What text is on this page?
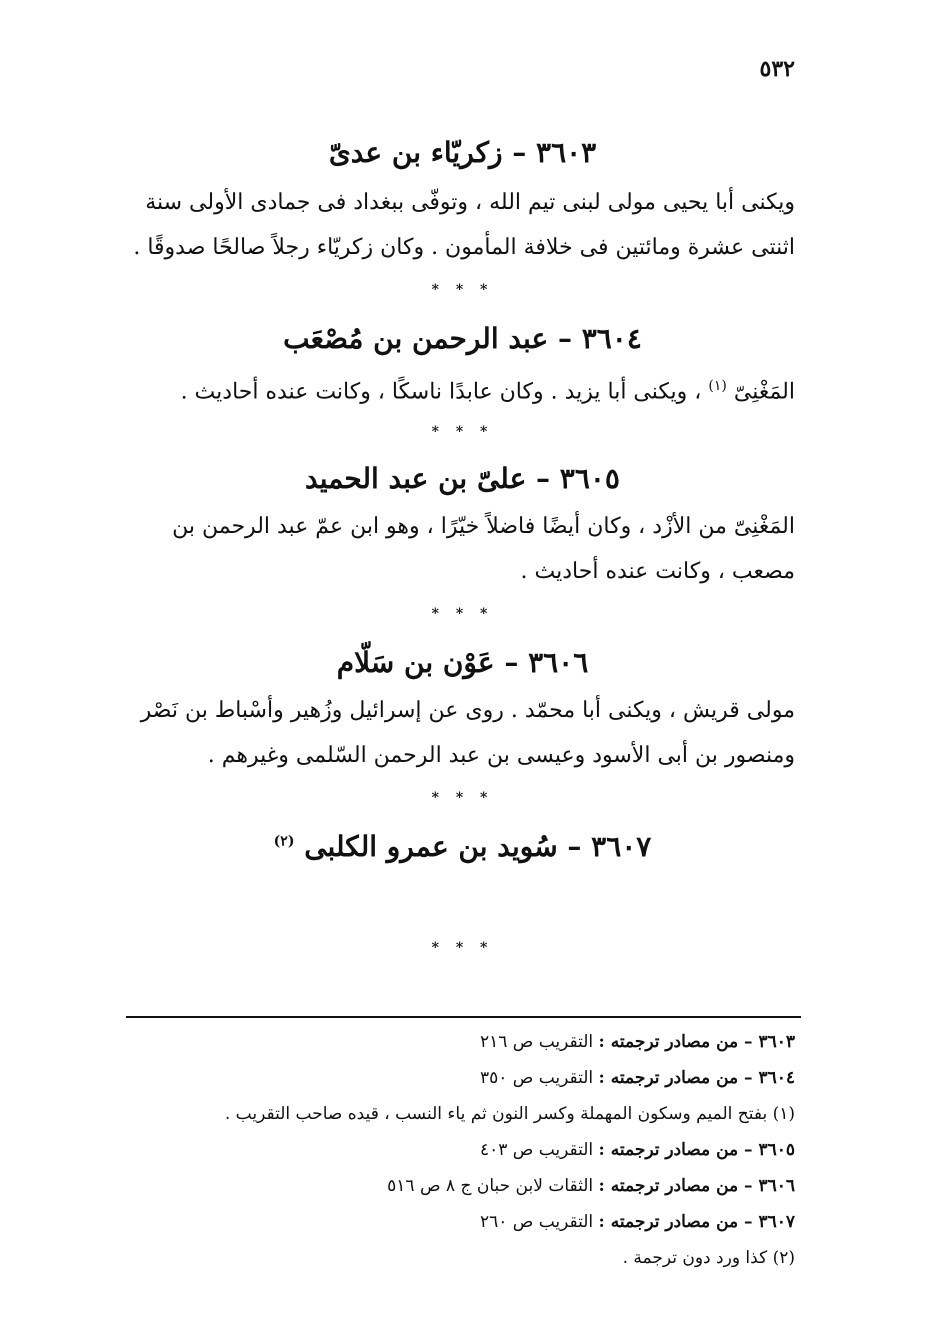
٥٣٢
٣٦٠٣ – زكريّاء بن عدىّ
ويكنى أبا يحيى مولى لبنى تيم الله ، وتوفّى ببغداد فى جمادى الأولى سنة
اثنتى عشرة ومائتين فى خلافة المأمون . وكان زكريّاء رجلاً صالحًا صدوقًا .
* * *
٣٦٠٤ – عبد الرحمن بن مُصْعَب
المَغْنِىّ $^{(١)}$ ، ويكنى أبا يزيد . وكان عابدًا ناسكًا ، وكانت عنده أحاديث .
* * *
٣٦٠٥ – علىّ بن عبد الحميد
المَغْنِىّ من الأزْد ، وكان أيضًا فاضلاً خيّرًا ، وهو ابن عمّ عبد الرحمن بن
مصعب ، وكانت عنده أحاديث .
* * *
٣٦٠٦ – عَوْن بن سَلّام
مولى قريش ، ويكنى أبا محمّد . روى عن إسرائيل وزُهير وأسْباط بن نَصْر
ومنصور بن أبى الأسود وعيسى بن عبد الرحمن السّلمى وغيرهم .
* * *
٣٦٠٧ – سُويد بن عمرو الكلبى $^{(٢)}$
* * *
٣٦٠٣ – من مصادر ترجمته : التقريب ص ٢١٦
٣٦٠٤ – من مصادر ترجمته : التقريب ص ٣٥٠
(١) بفتح الميم وسكون المهملة وكسر النون ثم ياء النسب ، قيده صاحب التقريب .
٣٦٠٥ – من مصادر ترجمته : التقريب ص ٤٠٣
٣٦٠٦ – من مصادر ترجمته : الثقات لابن حبان ج ٨ ص ٥١٦
٣٦٠٧ – من مصادر ترجمته : التقريب ص ٢٦٠
(٢) كذا ورد دون ترجمة .
